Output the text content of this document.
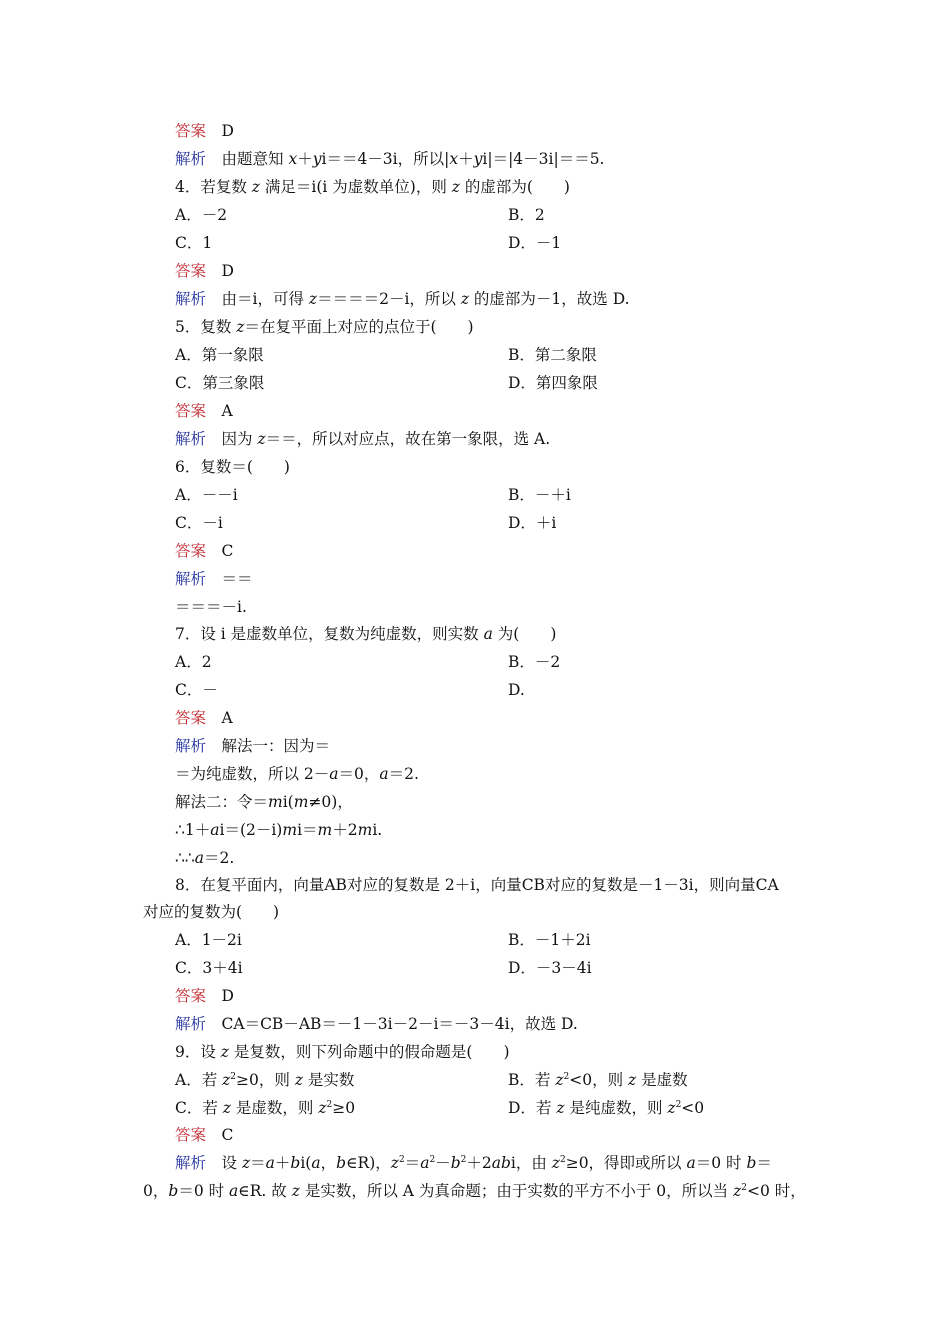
答案　D
解析　由题意知 x＋yi＝＝4－3i，所以|x＋yi|＝|4－3i|＝＝5.
4．若复数 z 满足＝i(i 为虚数单位)，则 z 的虚部为(　　)
A．－2	B．2
C．1	D．－1
答案　D
解析　由＝i，可得 z＝＝＝＝2－i，所以 z 的虚部为－1，故选 D.
5．复数 z＝在复平面上对应的点位于(　　)
A．第一象限	B．第二象限
C．第三象限	D．第四象限
答案　A
解析　因为 z＝＝，所以对应点，故在第一象限，选 A.
6．复数＝(　　)
A．－－i	B．－＋i
C．－i	D．＋i
答案　C
解析　＝＝
＝＝＝－i.
7．设 i 是虚数单位，复数为纯虚数，则实数 a 为(　　)
A．2	B．－2
C．－	D.
答案　A
解析　解法一：因为＝
＝为纯虚数，所以 2－a＝0，a＝2.
解法二：令＝mi(m≠0)，
∴1＋ai＝(2－i)mi＝m＋2mi.
∴∴a＝2.
8．在复平面内，向量AB对应的复数是 2＋i，向量CB对应的复数是－1－3i，则向量CA
对应的复数为(　　)
A．1－2i	B．－1＋2i
C．3＋4i	D．－3－4i
答案　D
解析　CA＝CB－AB＝－1－3i－2－i＝－3－4i，故选 D.
9．设 z 是复数，则下列命题中的假命题是(　　)
A．若 $z^2\ge 0$，则 z 是实数	B．若 $z^2<0$，则 z 是虚数
C．若 z 是虚数，则 $z^2\ge 0$	D．若 z 是纯虚数，则 $z^2<0$
答案　C
解析　设 z＝a＋bi(a，b∈R)，$z^2=a^2-b^2+2abi$，由 $z^2\ge 0$，得即或所以 a＝0 时 b＝
0，b＝0 时 a∈R. 故 z 是实数，所以 A 为真命题；由于实数的平方不小于 0，所以当 $z^2<0$ 时，
